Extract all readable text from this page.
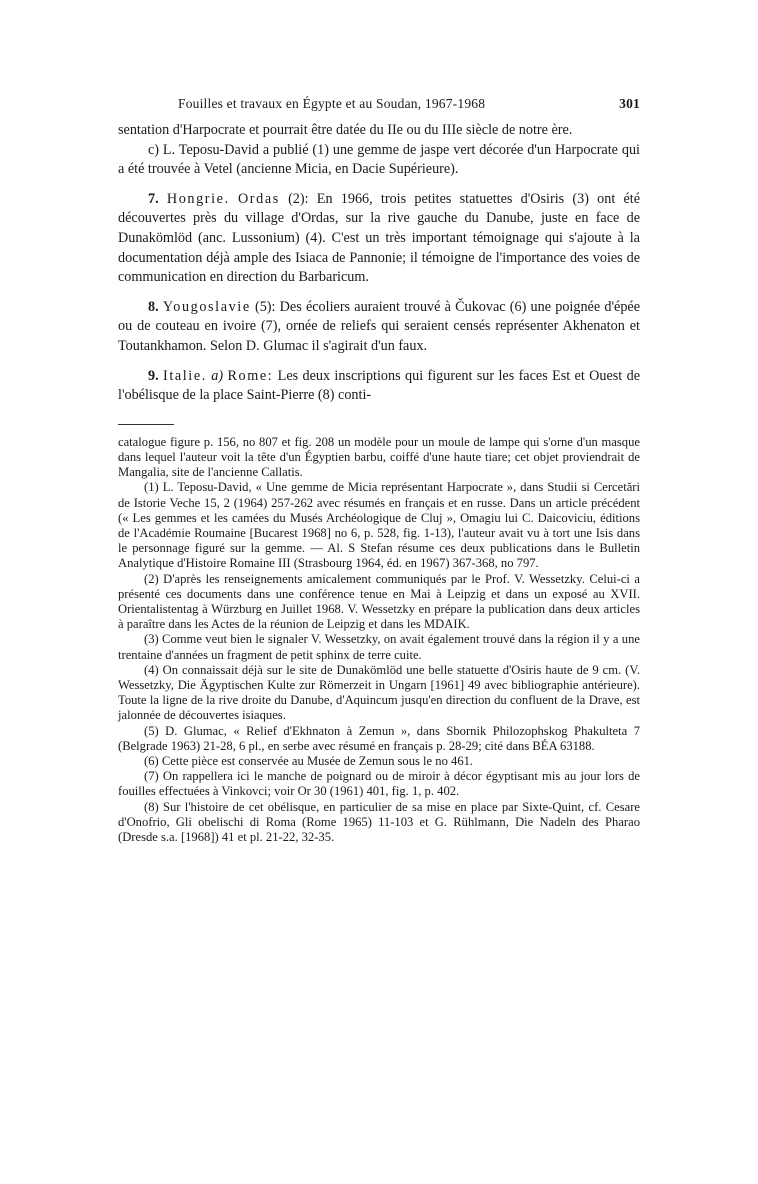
Fouilles et travaux en Égypte et au Soudan, 1967-1968	301

sentation d'Harpocrate et pourrait être datée du IIe ou du IIIe siècle de notre ère.

c) L. Teposu-David a publié (1) une gemme de jaspe vert décorée d'un Harpocrate qui a été trouvée à Vetel (ancienne Micia, en Dacie Supérieure).

7. Hongrie. Ordas (2): En 1966, trois petites statuettes d'Osiris (3) ont été découvertes près du village d'Ordas, sur la rive gauche du Danube, juste en face de Dunakömlöd (anc. Lussonium) (4). C'est un très important témoignage qui s'ajoute à la documentation déjà ample des Isiaca de Pannonie; il témoigne de l'importance des voies de communication en direction du Barbaricum.

8. Yougoslavie (5): Des écoliers auraient trouvé à Čukovac (6) une poignée d'épée ou de couteau en ivoire (7), ornée de reliefs qui seraient censés représenter Akhenaton et Toutankhamon. Selon D. Glumac il s'agirait d'un faux.

9. Italie. a) Rome: Les deux inscriptions qui figurent sur les faces Est et Ouest de l'obélisque de la place Saint-Pierre (8) conti-

catalogue figure p. 156, no 807 et fig. 208 un modèle pour un moule de lampe qui s'orne d'un masque dans lequel l'auteur voit la tête d'un Égyptien barbu, coiffé d'une haute tiare; cet objet proviendrait de Mangalia, site de l'ancienne Callatis.

(1) L. Teposu-David, « Une gemme de Micia représentant Harpocrate », dans Studii si Cercetări de Istorie Veche 15, 2 (1964) 257-262 avec résumés en français et en russe. Dans un article précédent (« Les gemmes et les camées du Musés Archéologique de Cluj », Omagiu lui C. Daicoviciu, éditions de l'Académie Roumaine [Bucarest 1968] no 6, p. 528, fig. 1-13), l'auteur avait vu à tort une Isis dans le personnage figuré sur la gemme. — Al. S Stefan résume ces deux publications dans le Bulletin Analytique d'Histoire Romaine III (Strasbourg 1964, éd. en 1967) 367-368, no 797.

(2) D'après les renseignements amicalement communiqués par le Prof. V. Wessetzky. Celui-ci a présenté ces documents dans une conférence tenue en Mai à Leipzig et dans un exposé au XVII. Orientalistentag à Würzburg en Juillet 1968. V. Wessetzky en prépare la publication dans deux articles à paraître dans les Actes de la réunion de Leipzig et dans les MDAIK.

(3) Comme veut bien le signaler V. Wessetzky, on avait également trouvé dans la région il y a une trentaine d'années un fragment de petit sphinx de terre cuite.

(4) On connaissait déjà sur le site de Dunakömlöd une belle statuette d'Osiris haute de 9 cm. (V. Wessetzky, Die Ägyptischen Kulte zur Römerzeit in Ungarn [1961] 49 avec bibliographie antérieure). Toute la ligne de la rive droite du Danube, d'Aquincum jusqu'en direction du confluent de la Drave, est jalonnée de découvertes isiaques.

(5) D. Glumac, « Relief d'Ekhnaton à Zemun », dans Sbornik Philozophskog Phakulteta 7 (Belgrade 1963) 21-28, 6 pl., en serbe avec résumé en français p. 28-29; cité dans BÉA 63188.

(6) Cette pièce est conservée au Musée de Zemun sous le no 461.

(7) On rappellera ici le manche de poignard ou de miroir à décor égyptisant mis au jour lors de fouilles effectuées à Vinkovci; voir Or 30 (1961) 401, fig. 1, p. 402.

(8) Sur l'histoire de cet obélisque, en particulier de sa mise en place par Sixte-Quint, cf. Cesare d'Onofrio, Gli obelischi di Roma (Rome 1965) 11-103 et G. Rühlmann, Die Nadeln des Pharao (Dresde s.a. [1968]) 41 et pl. 21-22, 32-35.
